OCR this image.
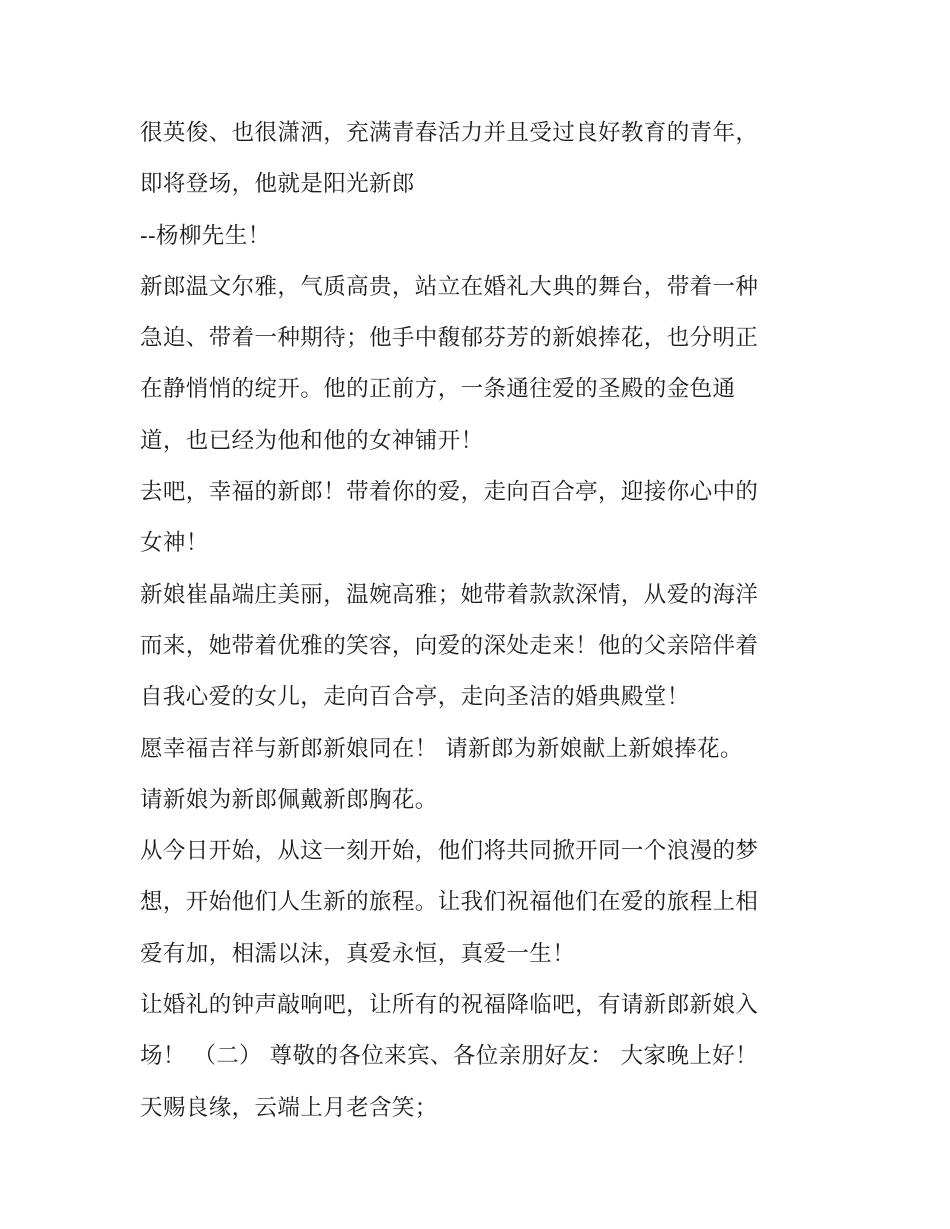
很英俊、也很潇洒，充满青春活力并且受过良好教育的青年，
即将登场，他就是阳光新郎
--杨柳先生！
新郎温文尔雅，气质高贵，站立在婚礼大典的舞台，带着一种
急迫、带着一种期待；他手中馥郁芬芳的新娘捧花，也分明正
在静悄悄的绽开。他的正前方，一条通往爱的圣殿的金色通
道，也已经为他和他的女神铺开！
去吧，幸福的新郎！带着你的爱，走向百合亭，迎接你心中的
女神！
新娘崔晶端庄美丽，温婉高雅；她带着款款深情，从爱的海洋
而来，她带着优雅的笑容，向爱的深处走来！他的父亲陪伴着
自我心爱的女儿，走向百合亭，走向圣洁的婚典殿堂！
愿幸福吉祥与新郎新娘同在！ 请新郎为新娘献上新娘捧花。
请新娘为新郎佩戴新郎胸花。
从今日开始，从这一刻开始，他们将共同掀开同一个浪漫的梦
想，开始他们人生新的旅程。让我们祝福他们在爱的旅程上相
爱有加，相濡以沫，真爱永恒，真爱一生！
让婚礼的钟声敲响吧，让所有的祝福降临吧，有请新郎新娘入
场！ （二） 尊敬的各位来宾、各位亲朋好友： 大家晚上好！
天赐良缘，云端上月老含笑；
